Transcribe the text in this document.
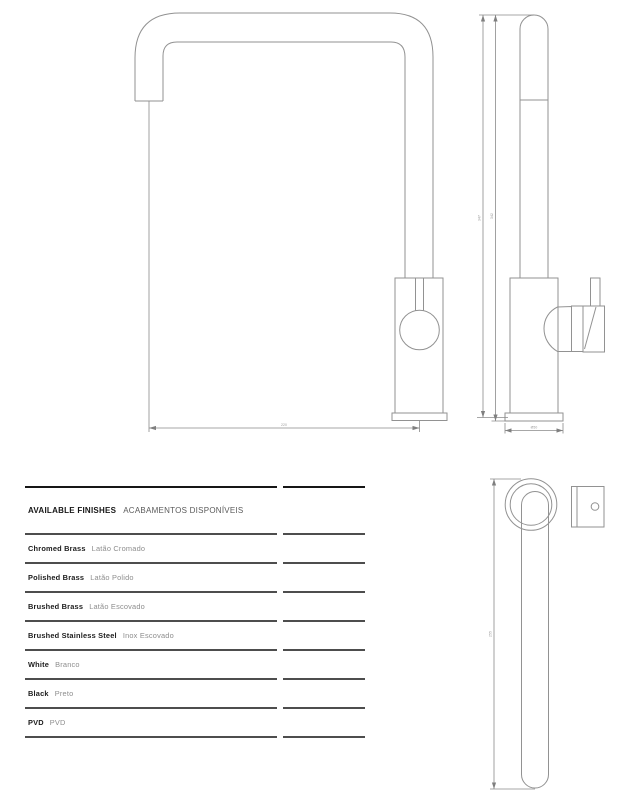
220
347	342
Ø50
255
AVAILABLE FINISHES ACABAMENTOS DISPONÍVEIS
Chromed Brass Latão Cromado
Polished Brass Latão Polido
Brushed Brass Latão Escovado
Brushed Stainless Steel Inox Escovado
White Branco
Black Preto
PVD PVD
